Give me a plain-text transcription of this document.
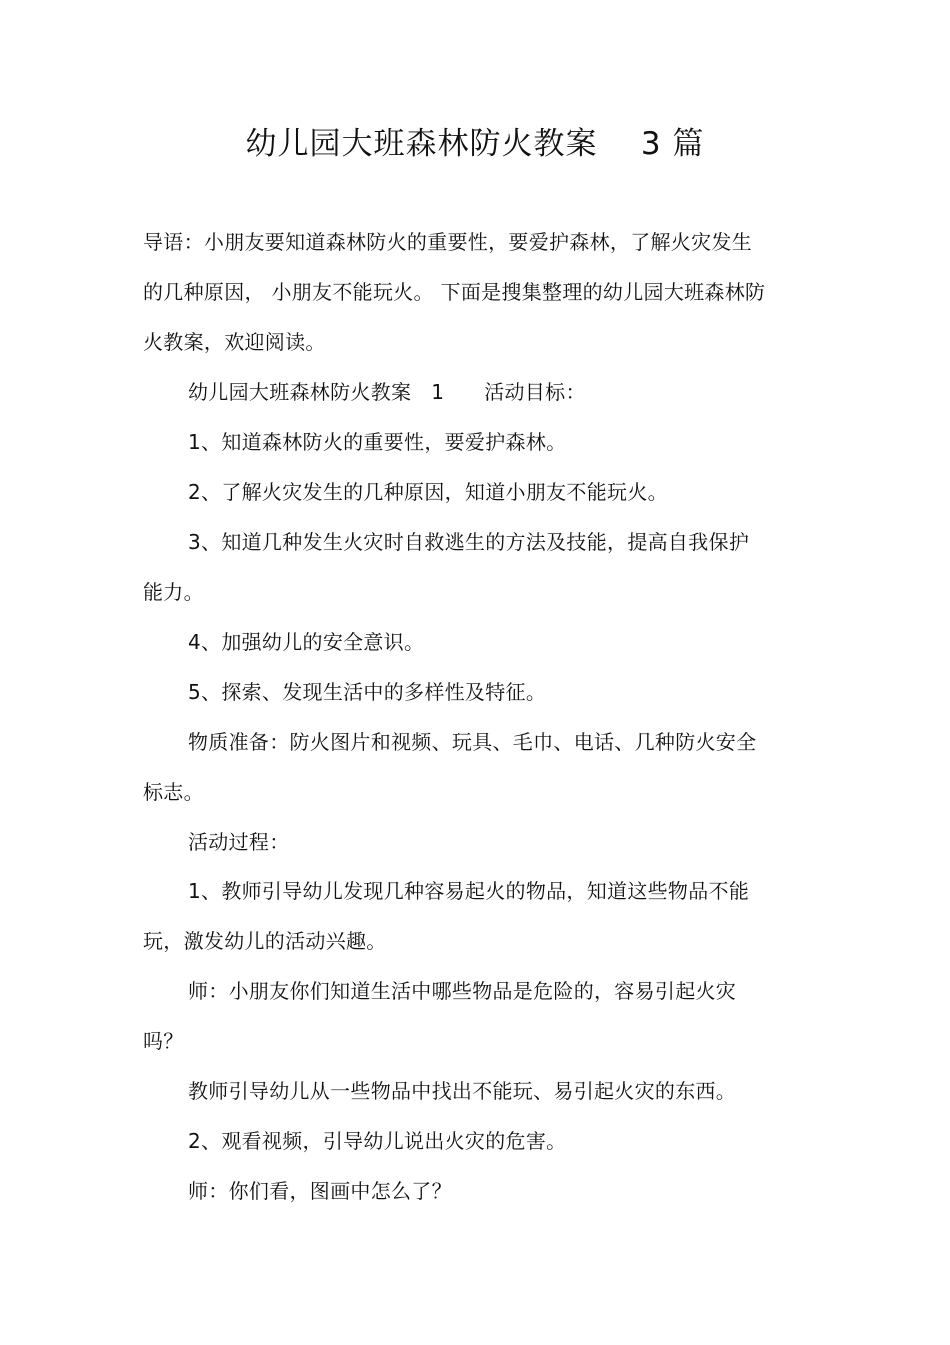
幼儿园大班森林防火教案    3 篇
导语：小朋友要知道森林防火的重要性，要爱护森林，了解火灾发生
的几种原因， 小朋友不能玩火。 下面是搜集整理的幼儿园大班森林防
火教案，欢迎阅读。
幼儿园大班森林防火教案   1      活动目标：
1、知道森林防火的重要性，要爱护森林。
2、了解火灾发生的几种原因，知道小朋友不能玩火。
3、知道几种发生火灾时自救逃生的方法及技能，提高自我保护
能力。
4、加强幼儿的安全意识。
5、探索、发现生活中的多样性及特征。
物质准备：防火图片和视频、玩具、毛巾、电话、几种防火安全
标志。
活动过程：
1、教师引导幼儿发现几种容易起火的物品，知道这些物品不能
玩，激发幼儿的活动兴趣。
师：小朋友你们知道生活中哪些物品是危险的，容易引起火灾
吗？
教师引导幼儿从一些物品中找出不能玩、易引起火灾的东西。
2、观看视频，引导幼儿说出火灾的危害。
师：你们看，图画中怎么了？
